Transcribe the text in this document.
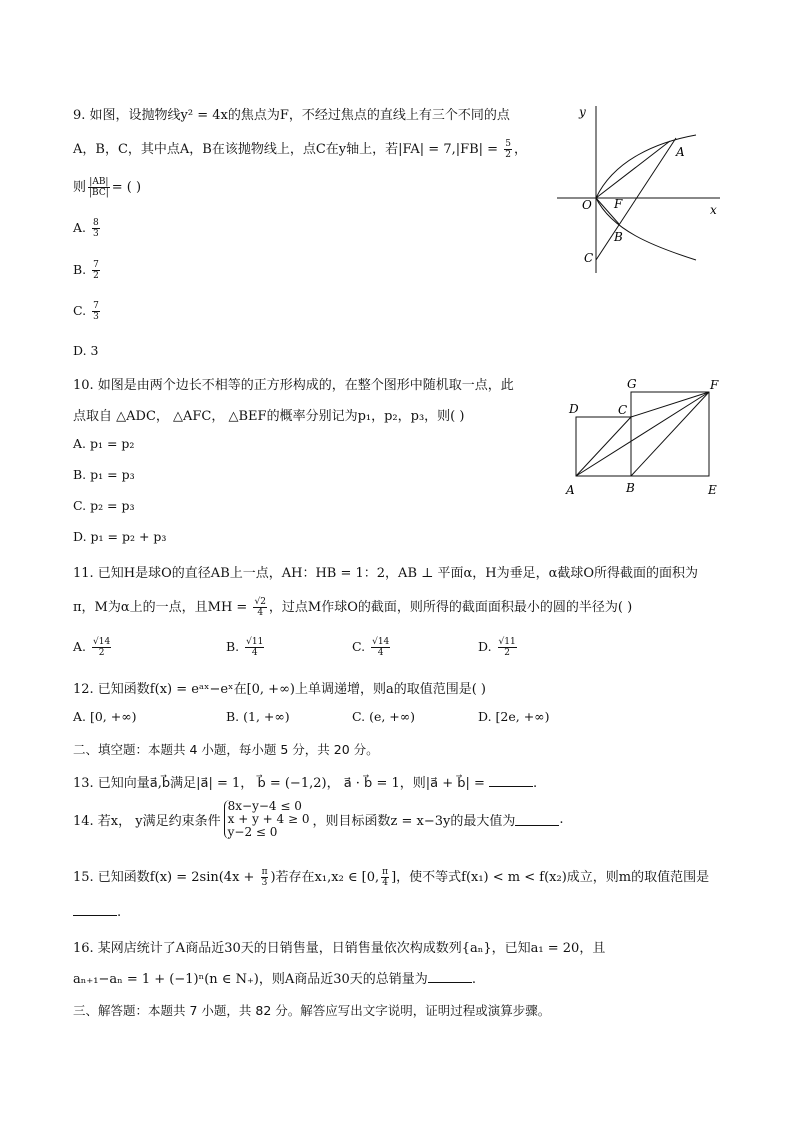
9. 如图，设抛物线y² = 4x的焦点为F，不经过焦点的直线上有三个不同的点
A，B，C，其中点A，B在该抛物线上，点C在y轴上，若$|FA| = 7,|FB| = \frac{5}{2}$ ，
则 $\frac{|AB|}{|BC|}$ = ( )
A. $\frac{8}{3}$
B. $\frac{7}{2}$
C. $\frac{7}{3}$
D. 3
y
x
O F
A
B
C
10. 如图是由两个边长不相等的正方形构成的，在整个图形中随机取一点，此
点取自 △ADC， △AFC， △BEF的概率分别记为p₁，p₂，p₃，则( )
A. p₁ = p₂
B. p₁ = p₃
C. p₂ = p₃
D. p₁ = p₂ + p₃
G	F
D	C
A	B	E
11. 已知H是球O的直径AB上一点，AH：HB = 1：2，AB ⊥ 平面α，H为垂足，α截球O所得截面的面积为
π，M为α上的一点，且MH = $\frac{√2}{4}$ ，过点M作球O的截面，则所得的截面面积最小的圆的半径为( )
A. $\frac{√14}{2}$	B. $\frac{√11}{4}$	C. $\frac{√14}{4}$	D. $\frac{√11}{2}$
12. 已知函数f(x) = eᵃˣ−eˣ在[0, +∞)上单调递增，则a的取值范围是( )
A. [0, +∞)	B. (1, +∞)	C. (e, +∞)	D. [2e, +∞)
二、填空题：本题共 4 小题，每小题 5 分，共 20 分。
13. 已知向量a⃗,b⃗满足|a⃗| = 1， b⃗ = (−1,2)， a⃗ · b⃗ = 1，则|a⃗ + b⃗| =	.
14. 若x， y满足约束条件
8x−y−4 ≤ 0
x + y + 4 ≥ 0
y−2 ≤ 0
，则目标函数z = x−3y的最大值为	.
15. 已知函数$f(x) = 2\sin(4x + \frac{\pi}{3}$ )若存在x₁,x₂ ∈ [0, $\frac{\pi}{4}$ ]，使不等式f(x₁) < m < f(x₂)成立，则m的取值范围是
.
16. 某网店统计了A商品近30天的日销售量，日销售量依次构成数列{aₙ}，已知a₁ = 20，且
aₙ₊₁−aₙ = 1 + (−1)ⁿ(n ∈ N₊)，则A商品近30天的总销量为	.
三、解答题：本题共 7 小题，共 82 分。解答应写出文字说明，证明过程或演算步骤。
